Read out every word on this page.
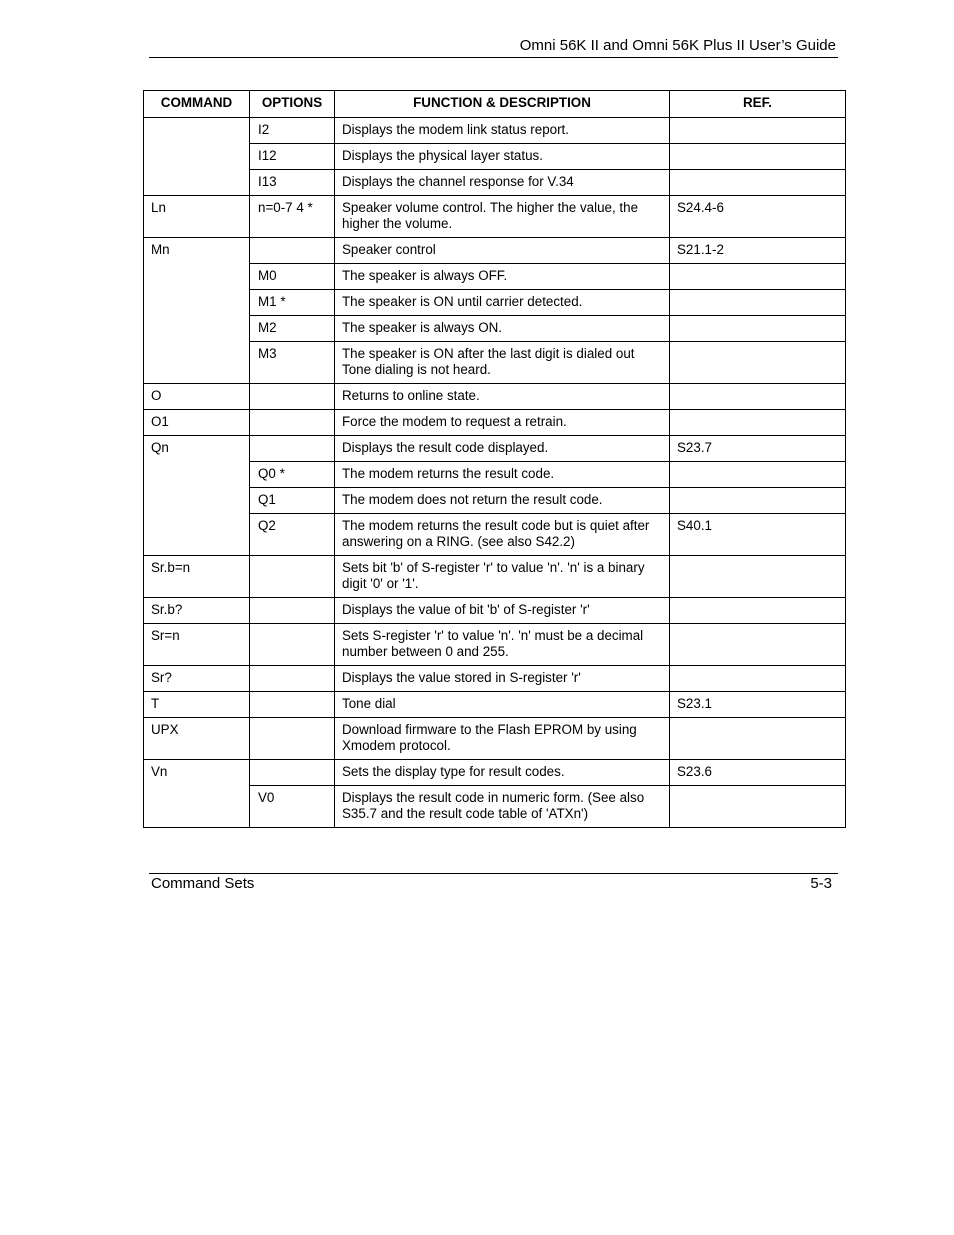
Omni 56K II and Omni 56K Plus II User’s Guide
COMMAND	OPTIONS	FUNCTION & DESCRIPTION	REF.
	I2	Displays the modem link status report.	
	I12	Displays the physical layer status.	
	I13	Displays the channel response for V.34	
Ln	n=0-7 4 *	Speaker volume control. The higher the value, the higher the volume.	S24.4-6
Mn		Speaker control	S21.1-2
	M0	The speaker is always OFF.	
	M1 *	The speaker is ON until carrier detected.	
	M2	The speaker is always ON.	
	M3	The speaker is ON after the last digit is dialed out Tone dialing is not heard.	
O		Returns to online state.	
O1		Force the modem to request a retrain.	
Qn		Displays the result code displayed.	S23.7
	Q0 *	The modem returns the result code.	
	Q1	The modem does not return the result code.	
	Q2	The modem returns the result code but is quiet after answering on a RING. (see also S42.2)	S40.1
Sr.b=n		Sets bit 'b' of S-register 'r' to value 'n'. 'n' is a binary digit '0' or '1'.	
Sr.b?		Displays the value of bit 'b' of S-register 'r'	
Sr=n		Sets S-register 'r' to value 'n'. 'n' must be a decimal number between 0 and 255.	
Sr?		Displays the value stored in S-register 'r'	
T		Tone dial	S23.1
UPX		Download firmware to the Flash EPROM by using Xmodem protocol.	
Vn		Sets the display type for result codes.	S23.6
	V0	Displays the result code in numeric form. (See also S35.7 and the result code table of 'ATXn')	
Command Sets	5-3
